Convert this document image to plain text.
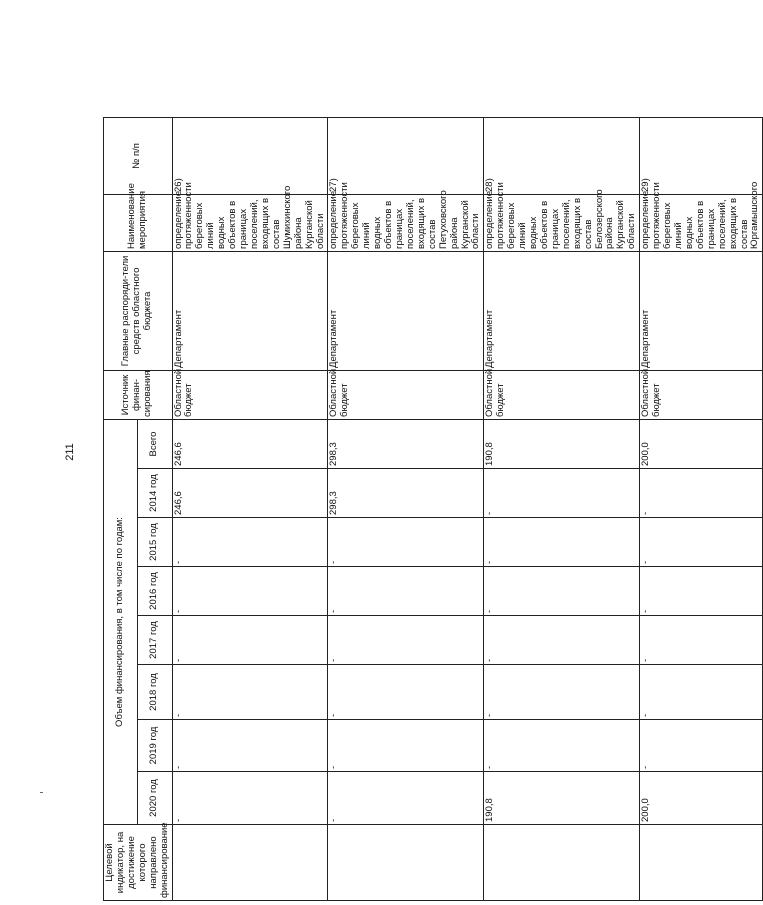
211
Целевой индикатор, на достижение которого направлено финансирование	Объем финансирования, в том числе по годам:								Источник финан-сирования	Главные распоряди-тели средств областного бюджета	Наименование мероприятия	№ п/п
	2020 год	2019 год	2018 год	2017 год	2016 год	2015 год	2014 год	Всего				
	-	-	-	-	-	-	246,6	246,6	Областной бюджет	Департамент	определение протяженности береговых линий водных объектов в границах поселений, входящих в состав Шумихинского района Курганской области	26)
	-	-	-	-	-	-	298,3	298,3	Областной бюджет	Департамент	определение протяженности береговых линий водных объектов в границах поселений, входящих в состав Петуховского района Курганской области	27)
	190,8	-	-	-	-	-	-	190,8	Областной бюджет	Департамент	определение протяженности береговых линий водных объектов в границах поселений, входящих в состав Белозерского района Курганской области	28)
	200,0	-	-	-	-	-	-	200,0	Областной бюджет	Департамент	определение протяженности береговых линий водных объектов в границах поселений, входящих в состав Юргамышского	29)
